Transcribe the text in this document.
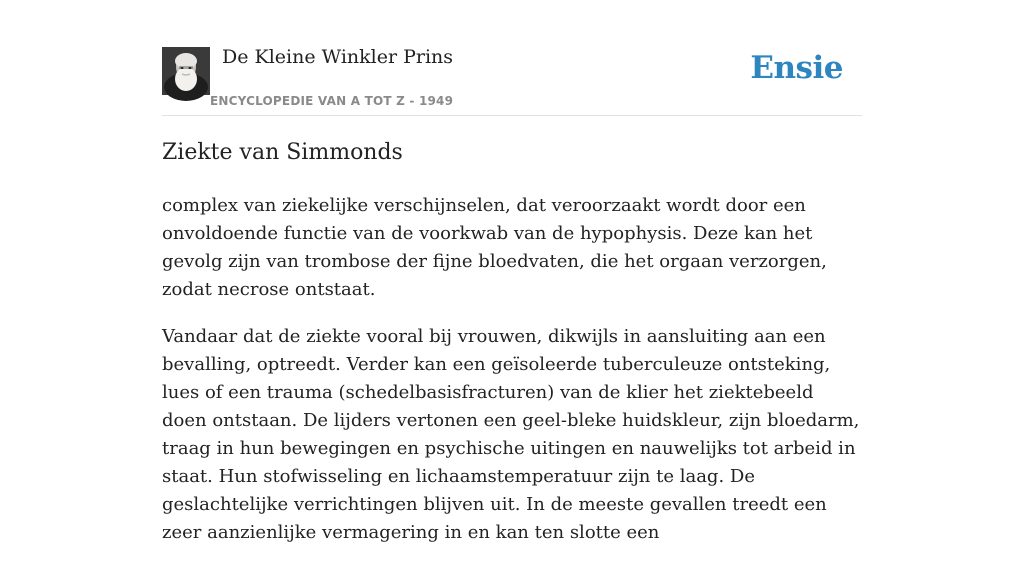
De Kleine Winkler Prins
ENCYCLOPEDIE VAN A TOT Z - 1949
Ensie
Ziekte van Simmonds

complex van ziekelijke verschijnselen, dat veroorzaakt wordt door een onvoldoende functie van de voorkwab van de hypophysis. Deze kan het gevolg zijn van trombose der fijne bloedvaten, die het orgaan verzorgen, zodat necrose ontstaat.

Vandaar dat de ziekte vooral bij vrouwen, dikwijls in aansluiting aan een bevalling, optreedt. Verder kan een geïsoleerde tuberculeuze ontsteking, lues of een trauma (schedelbasisfracturen) van de klier het ziektebeeld doen ontstaan. De lijders vertonen een geel-bleke huidskleur, zijn bloedarm, traag in hun bewegingen en psychische uitingen en nauwelijks tot arbeid in staat. Hun stofwisseling en lichaamstemperatuur zijn te laag. De geslachtelijke verrichtingen blijven uit. In de meeste gevallen treedt een zeer aanzienlijke vermagering in en kan ten slotte een
